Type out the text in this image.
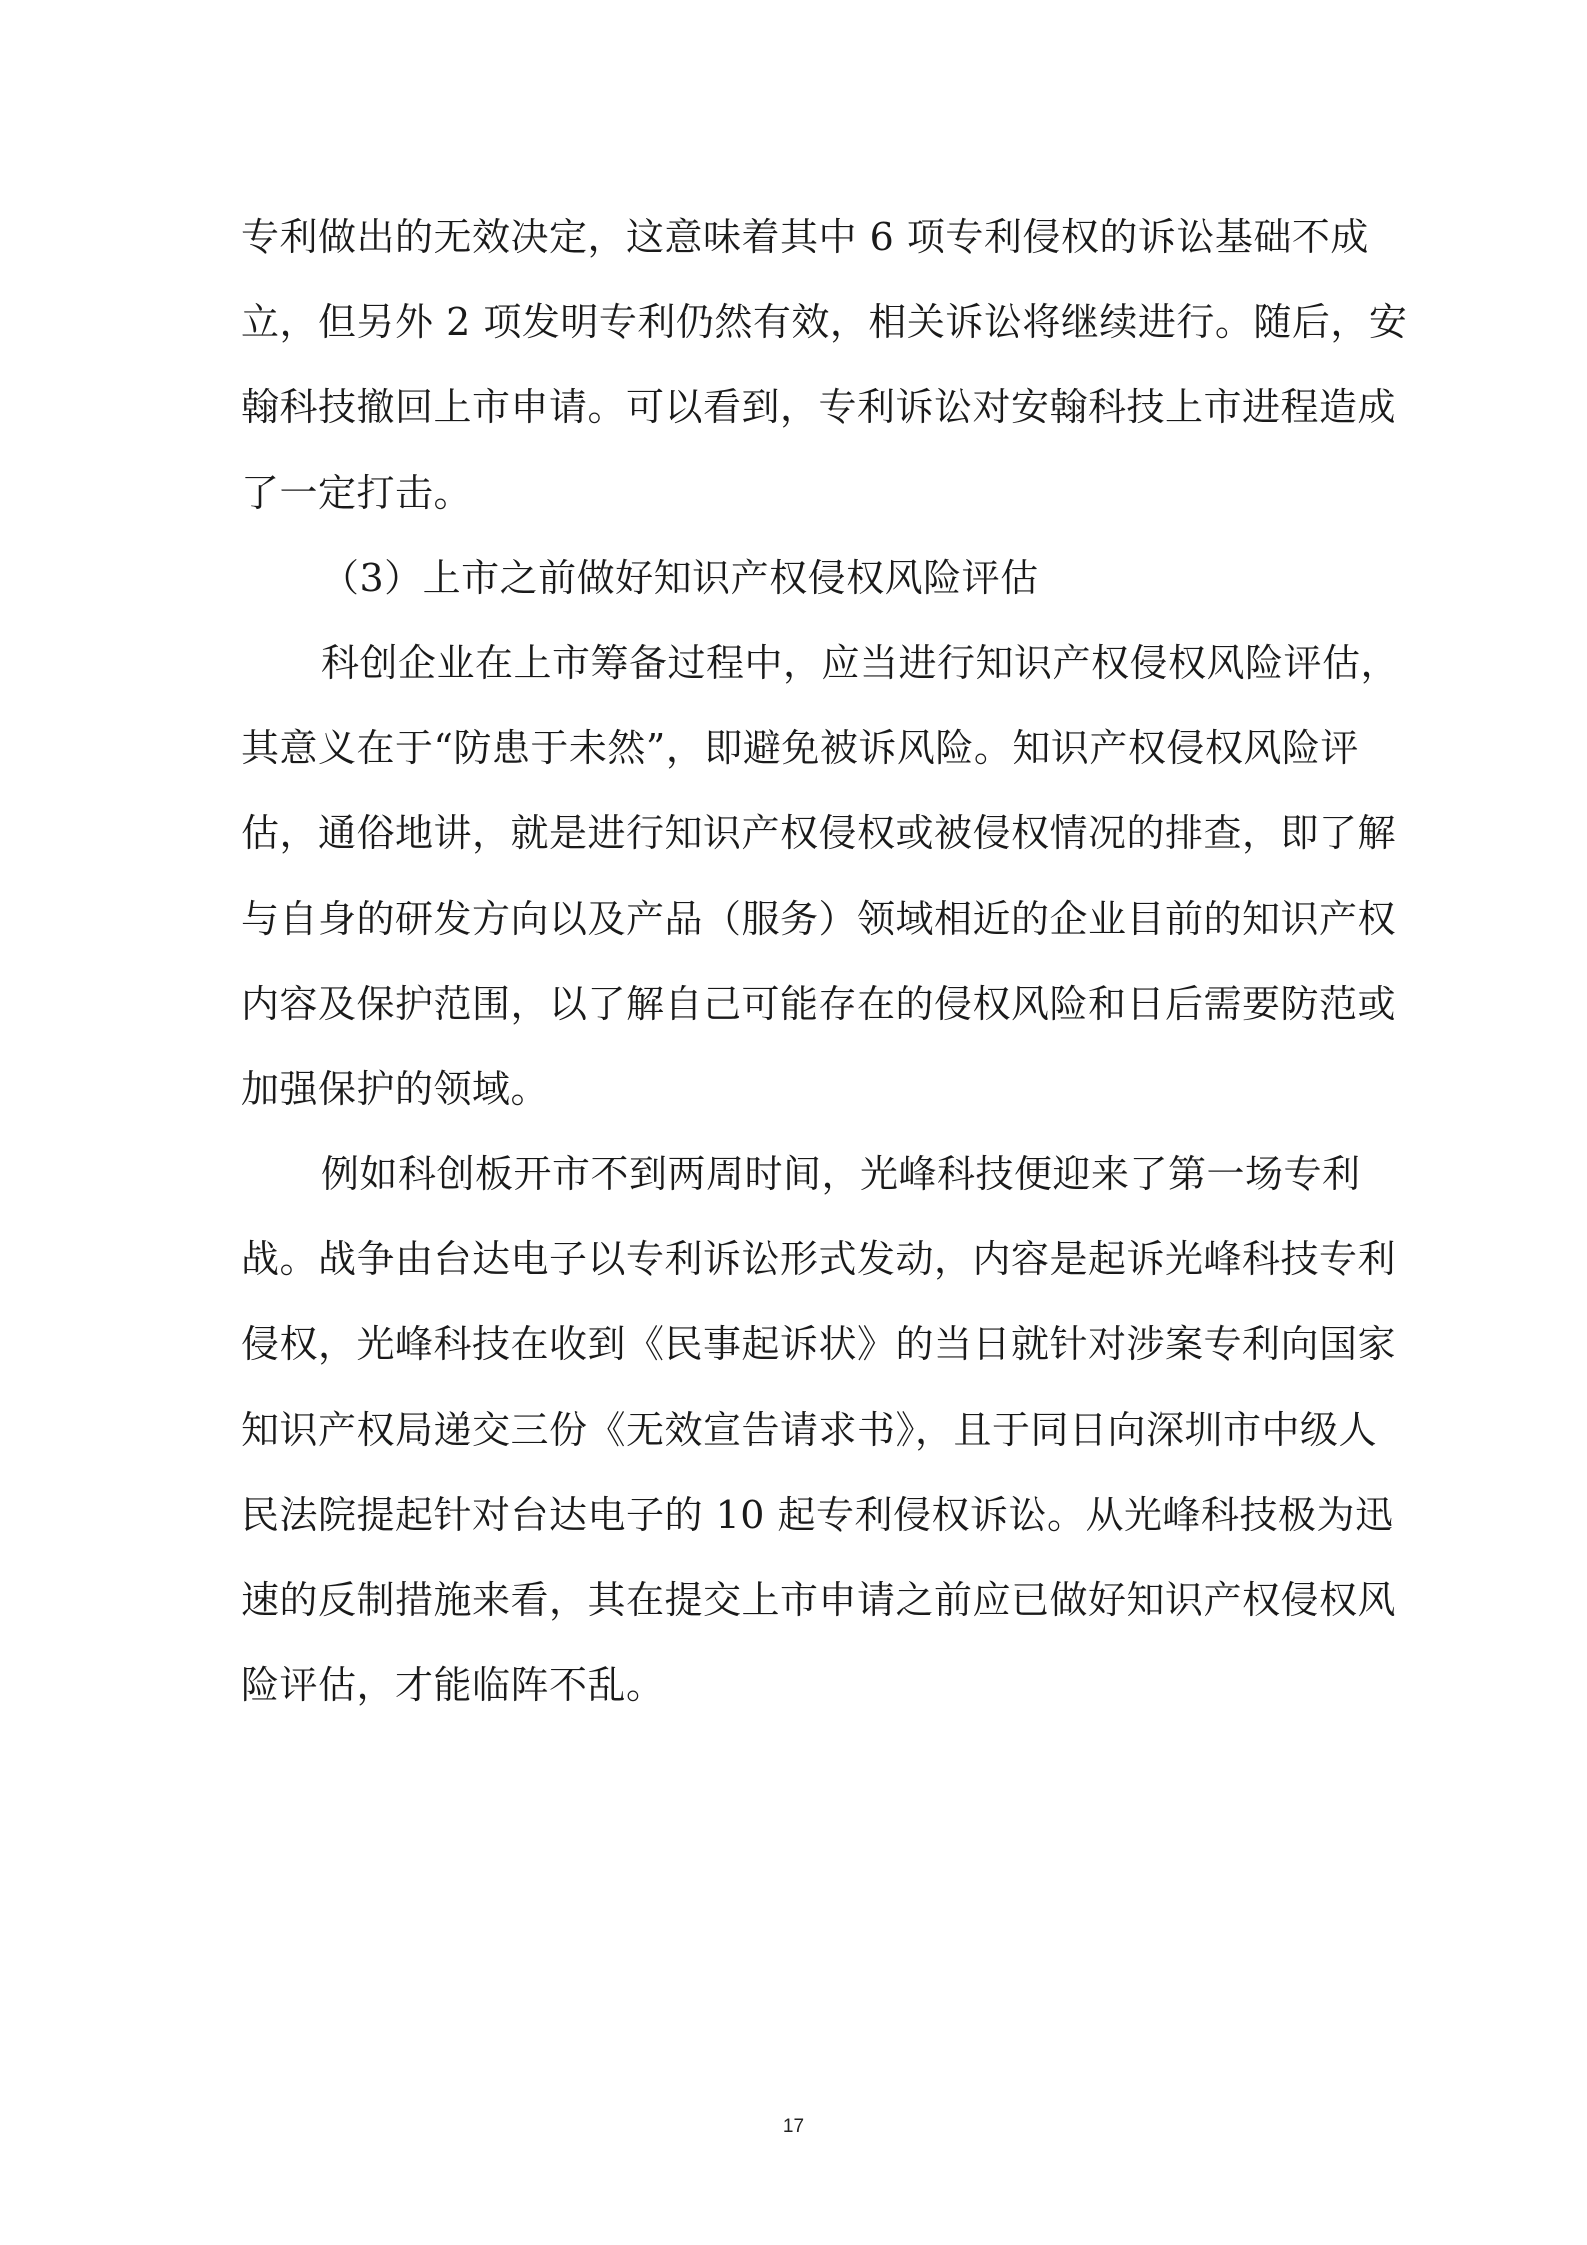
专利做出的无效决定，这意味着其中 6 项专利侵权的诉讼基础不成
立，但另外 2 项发明专利仍然有效，相关诉讼将继续进行。随后，安
翰科技撤回上市申请。可以看到，专利诉讼对安翰科技上市进程造成
了一定打击。
（3）上市之前做好知识产权侵权风险评估
科创企业在上市筹备过程中，应当进行知识产权侵权风险评估，
其意义在于“防患于未然”，即避免被诉风险。知识产权侵权风险评
估，通俗地讲，就是进行知识产权侵权或被侵权情况的排查，即了解
与自身的研发方向以及产品（服务）领域相近的企业目前的知识产权
内容及保护范围，以了解自己可能存在的侵权风险和日后需要防范或
加强保护的领域。
例如科创板开市不到两周时间，光峰科技便迎来了第一场专利
战。战争由台达电子以专利诉讼形式发动，内容是起诉光峰科技专利
侵权，光峰科技在收到《民事起诉状》的当日就针对涉案专利向国家
知识产权局递交三份《无效宣告请求书》，且于同日向深圳市中级人
民法院提起针对台达电子的 10 起专利侵权诉讼。从光峰科技极为迅
速的反制措施来看，其在提交上市申请之前应已做好知识产权侵权风
险评估，才能临阵不乱。
17
